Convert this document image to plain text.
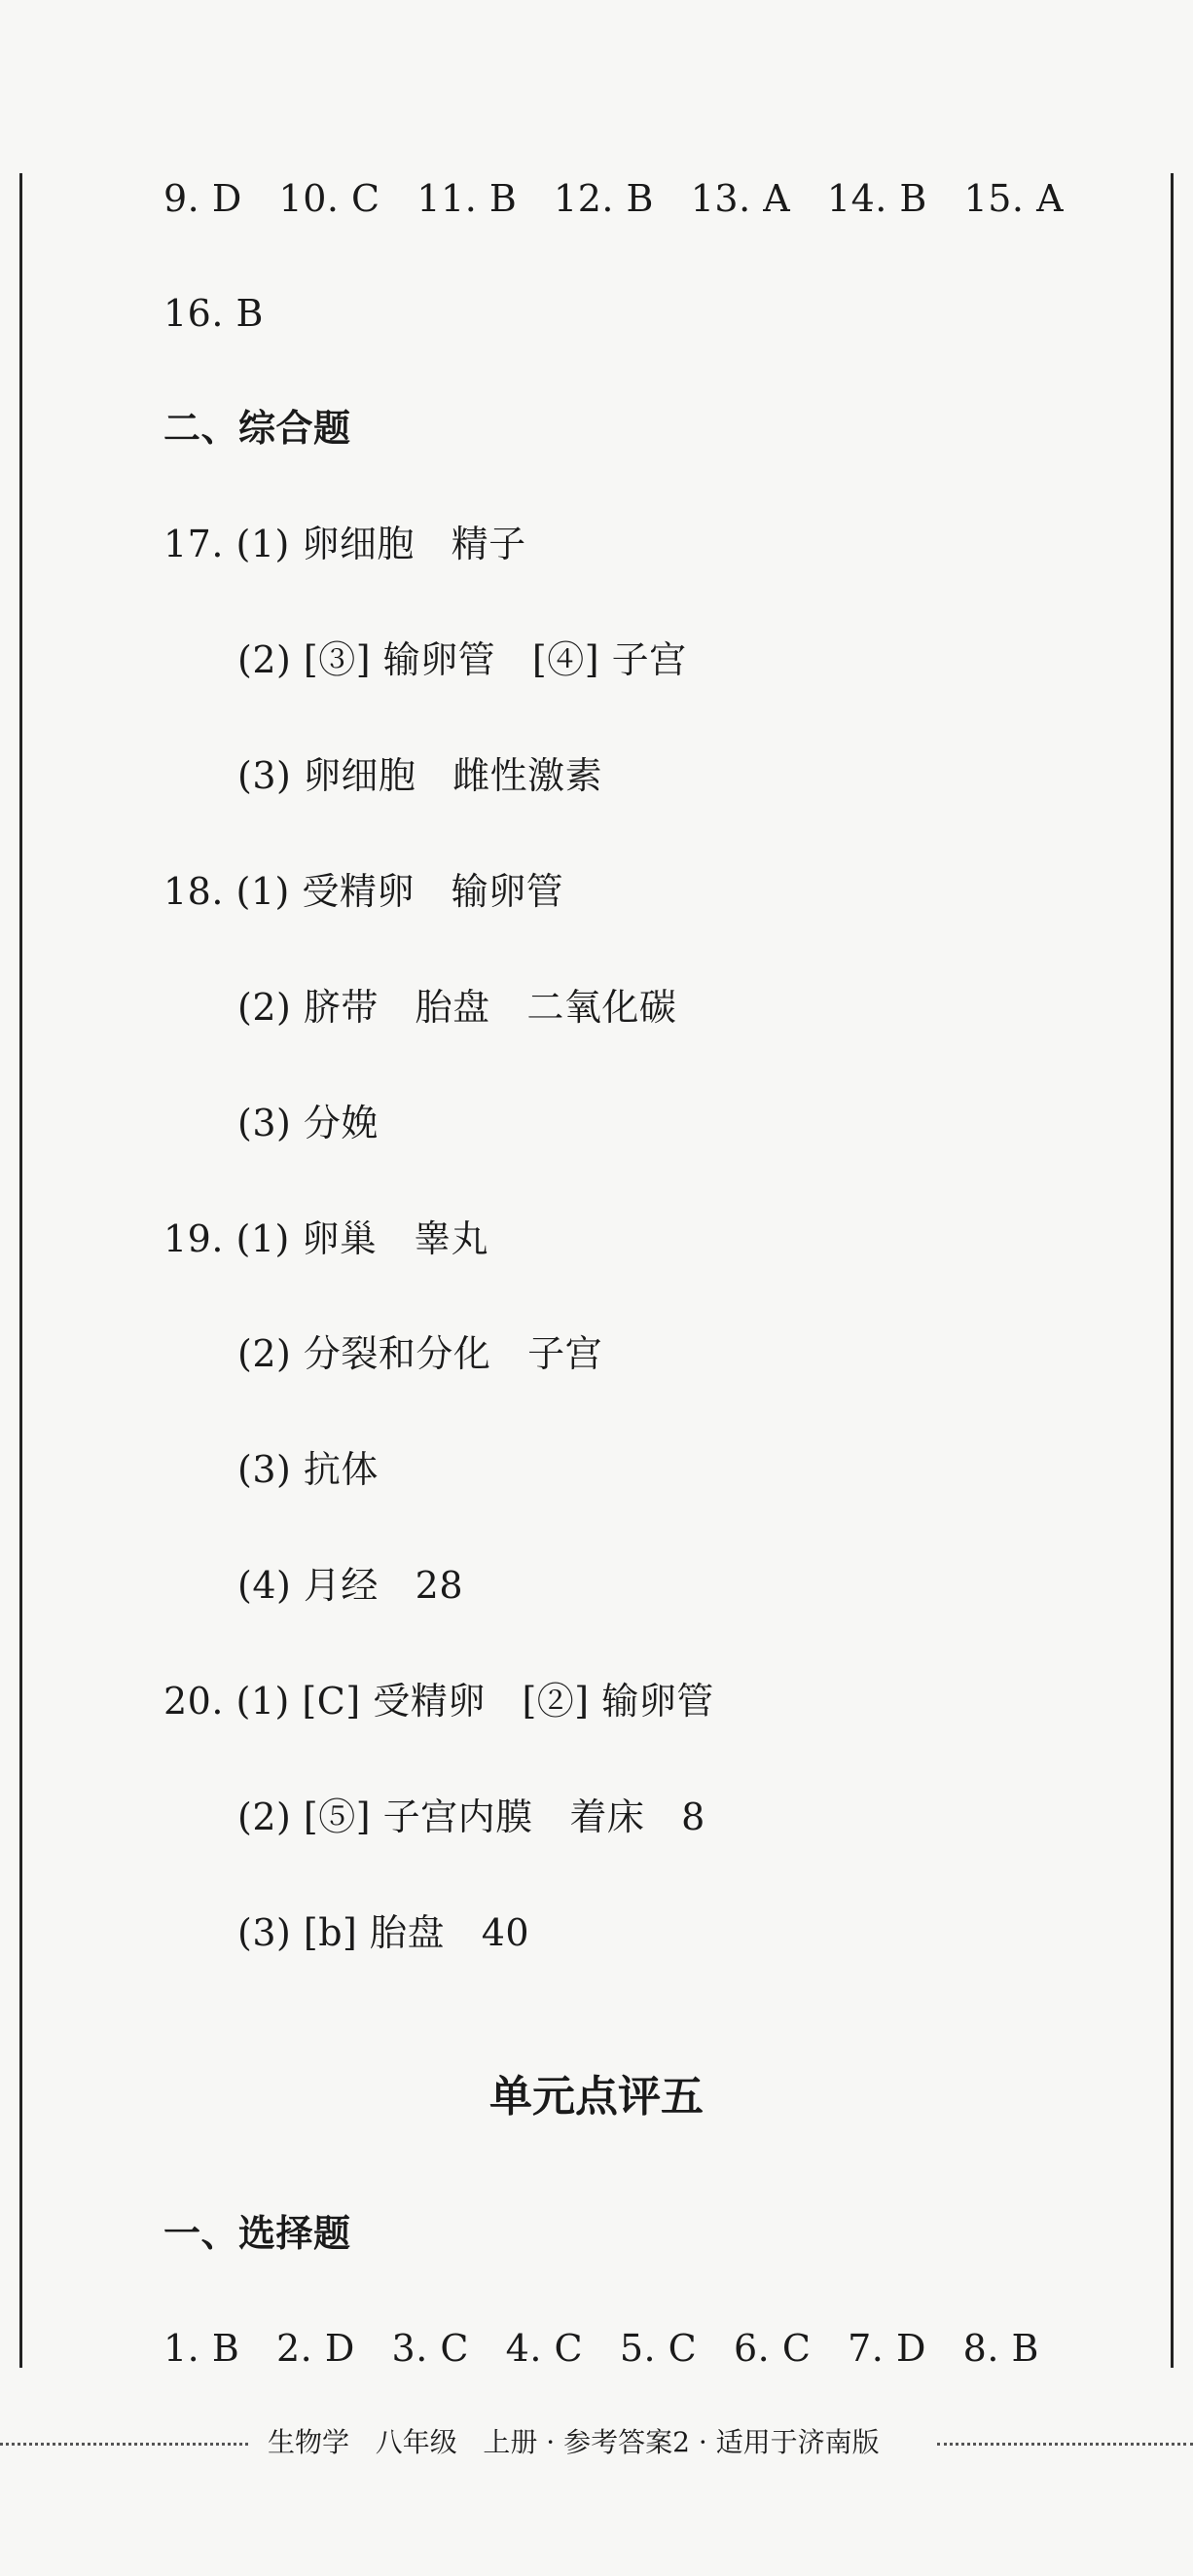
9. D   10. C   11. B   12. B   13. A   14. B   15. A
16. B
二、综合题
17. (1) 卵细胞   精子
(2) [③] 输卵管   [④] 子宫
(3) 卵细胞   雌性激素
18. (1) 受精卵   输卵管
(2) 脐带   胎盘   二氧化碳
(3) 分娩
19. (1) 卵巢   睾丸
(2) 分裂和分化   子宫
(3) 抗体
(4) 月经   28
20. (1) [C] 受精卵   [②] 输卵管
(2) [⑤] 子宫内膜   着床   8
(3) [b] 胎盘   40
单元点评五
一、选择题
1. B   2. D   3. C   4. C   5. C   6. C   7. D   8. B
生物学   八年级   上册 · 参考答案2 · 适用于济南版
